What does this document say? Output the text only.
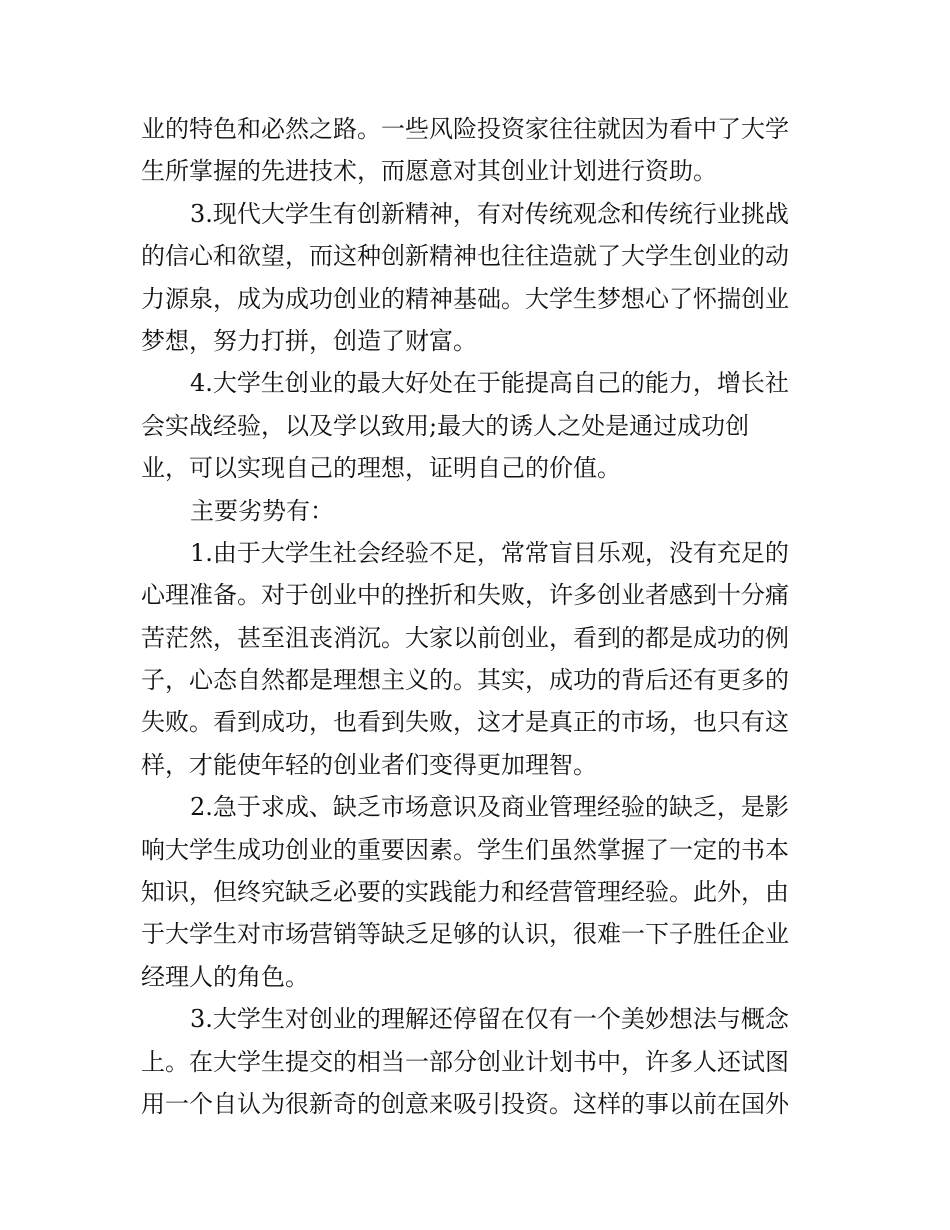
业的特色和必然之路。一些风险投资家往往就因为看中了大学
生所掌握的先进技术，而愿意对其创业计划进行资助。
3.现代大学生有创新精神，有对传统观念和传统行业挑战
的信心和欲望，而这种创新精神也往往造就了大学生创业的动
力源泉，成为成功创业的精神基础。大学生梦想心了怀揣创业
梦想，努力打拼，创造了财富。
4.大学生创业的最大好处在于能提高自己的能力，增长社
会实战经验，以及学以致用;最大的诱人之处是通过成功创
业，可以实现自己的理想，证明自己的价值。
主要劣势有：
1.由于大学生社会经验不足，常常盲目乐观，没有充足的
心理准备。对于创业中的挫折和失败，许多创业者感到十分痛
苦茫然，甚至沮丧消沉。大家以前创业，看到的都是成功的例
子，心态自然都是理想主义的。其实，成功的背后还有更多的
失败。看到成功，也看到失败，这才是真正的市场，也只有这
样，才能使年轻的创业者们变得更加理智。
2.急于求成、缺乏市场意识及商业管理经验的缺乏，是影
响大学生成功创业的重要因素。学生们虽然掌握了一定的书本
知识，但终究缺乏必要的实践能力和经营管理经验。此外，由
于大学生对市场营销等缺乏足够的认识，很难一下子胜任企业
经理人的角色。
3.大学生对创业的理解还停留在仅有一个美妙想法与概念
上。在大学生提交的相当一部分创业计划书中，许多人还试图
用一个自认为很新奇的创意来吸引投资。这样的事以前在国外
